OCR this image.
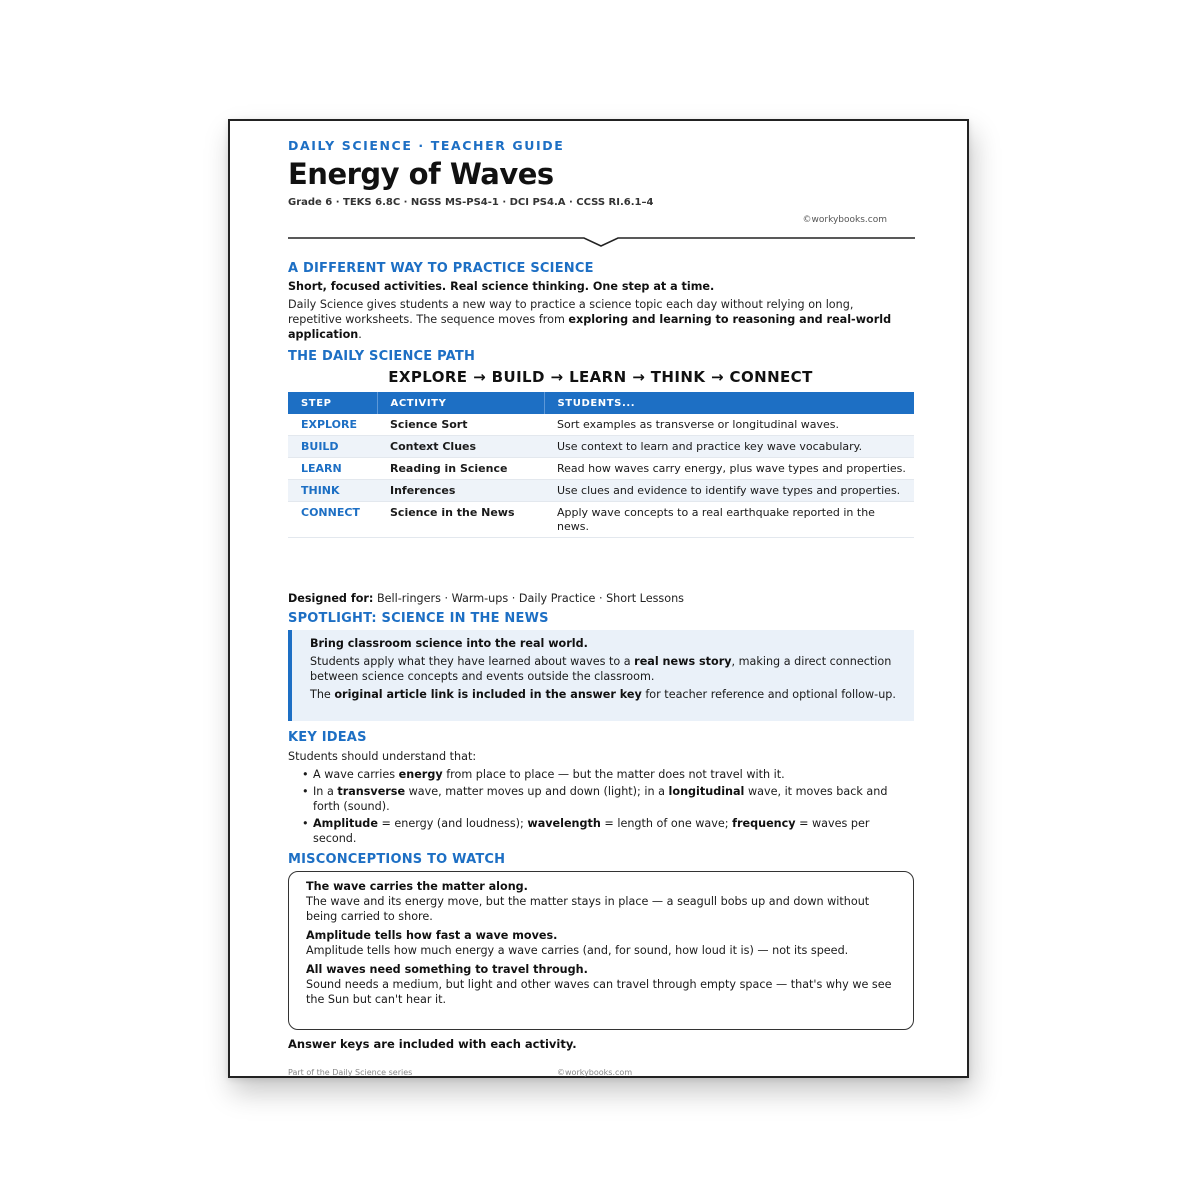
DAILY SCIENCE · TEACHER GUIDE

Energy of Waves

Grade 6 · TEKS 6.8C · NGSS MS-PS4-1 · DCI PS4.A · CCSS RI.6.1–4

©workybooks.com

A DIFFERENT WAY TO PRACTICE SCIENCE

Short, focused activities. Real science thinking. One step at a time.

Daily Science gives students a new way to practice a science topic each day without relying on long, repetitive worksheets. The sequence moves from exploring and learning to reasoning and real-world application.

THE DAILY SCIENCE PATH

EXPLORE → BUILD → LEARN → THINK → CONNECT

STEP	ACTIVITY	STUDENTS...
EXPLORE	Science Sort	Sort examples as transverse or longitudinal waves.
BUILD	Context Clues	Use context to learn and practice key wave vocabulary.
LEARN	Reading in Science	Read how waves carry energy, plus wave types and properties.
THINK	Inferences	Use clues and evidence to identify wave types and properties.
CONNECT	Science in the News	Apply wave concepts to a real earthquake reported in the news.

Designed for: Bell-ringers · Warm-ups · Daily Practice · Short Lessons

SPOTLIGHT: SCIENCE IN THE NEWS

Bring classroom science into the real world.

Students apply what they have learned about waves to a real news story, making a direct connection between science concepts and events outside the classroom.

The original article link is included in the answer key for teacher reference and optional follow-up.

KEY IDEAS

Students should understand that:

• A wave carries energy from place to place — but the matter does not travel with it.
• In a transverse wave, matter moves up and down (light); in a longitudinal wave, it moves back and forth (sound).
• Amplitude = energy (and loudness); wavelength = length of one wave; frequency = waves per second.
MISCONCEPTIONS TO WATCH

The wave carries the matter along.

The wave and its energy move, but the matter stays in place — a seagull bobs up and down without being carried to shore.

Amplitude tells how fast a wave moves.

Amplitude tells how much energy a wave carries (and, for sound, how loud it is) — not its speed.

All waves need something to travel through.

Sound needs a medium, but light and other waves can travel through empty space — that's why we see the Sun but can't hear it.

Answer keys are included with each activity.

Part of the Daily Science series	©workybooks.com
